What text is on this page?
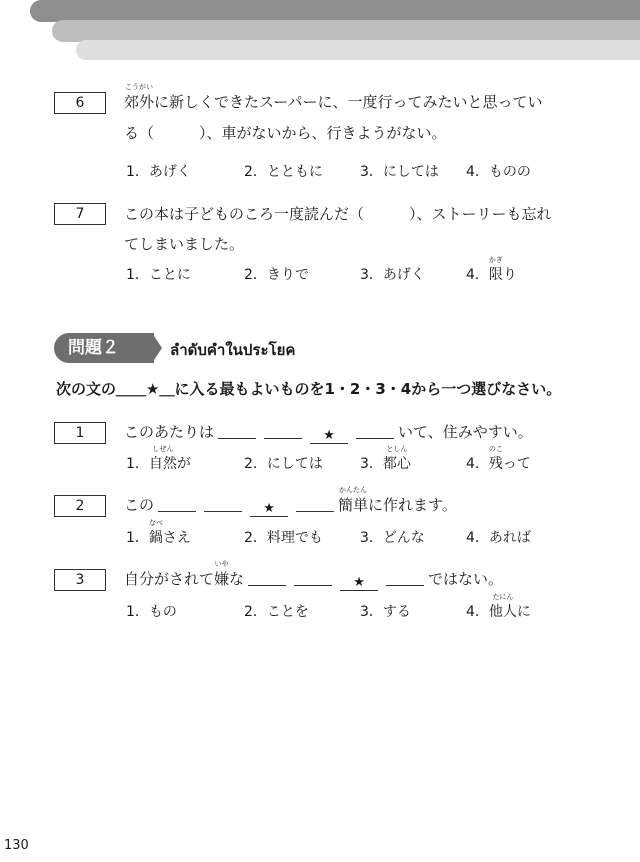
6
こうがい
郊外に新しくできたスーパーに、一度行ってみたいと思ってい
る（　　　）、車がないから、行きようがない。
1．あげく	2．とともに	3．にしては 4．ものの
7	この本は子どものころ一度読んだ（　　　）、ストーリーも忘れ
てしまいました。
1．ことに	2．きりで	3．あげく	4．
かぎ
限り
問題２	ลำดับคำในประโยค
次の文の＿＿★＿に入る最もよいものを1・2・3・4から一つ選びなさい。
1	このあたりは	★	いて、住みやすい。
1．
しぜん
自然が	2．にしては	3．
としん
都心	4．
のこ
残って
2	この	★
かんたん
簡単に作れます。
1．
なべ
鍋さえ	2．料理でも	3．どんな	4．あれば
3	自分がされて
いや
嫌な	★	ではない。
1．もの	2．ことを	3．する	4．
たにん
他人に
130
